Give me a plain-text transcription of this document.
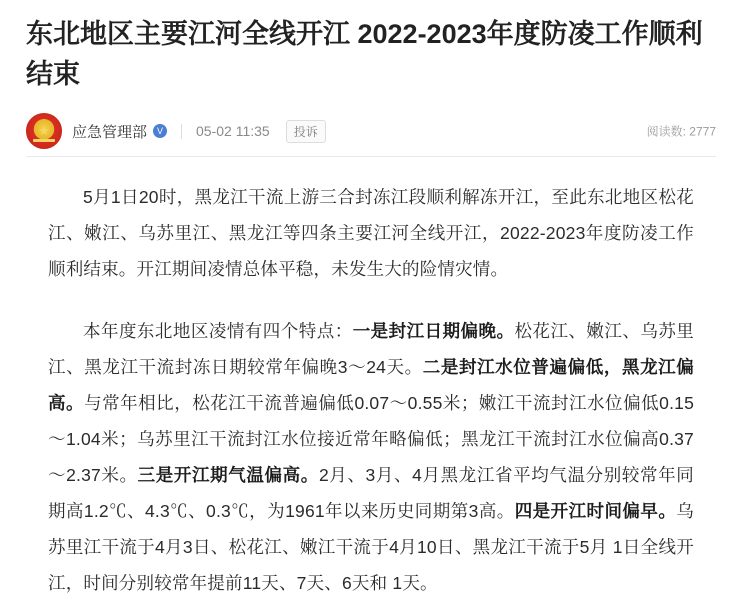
东北地区主要江河全线开江 2022-2023年度防凌工作顺利结束
★ 应急管理部	V 05-02 11:35	投诉	阅读数: 2777

5月1日20时，黑龙江干流上游三合封冻江段顺利解冻开江，至此东北地区松花江、嫩江、乌苏里江、黑龙江等四条主要江河全线开江，2022-2023年度防凌工作顺利结束。开江期间凌情总体平稳，未发生大的险情灾情。

本年度东北地区凌情有四个特点：一是封江日期偏晚。松花江、嫩江、乌苏里江、黑龙江干流封冻日期较常年偏晚3～24天。二是封江水位普遍偏低，黑龙江偏高。与常年相比，松花江干流普遍偏低0.07～0.55米；嫩江干流封江水位偏低0.15～1.04米；乌苏里江干流封江水位接近常年略偏低；黑龙江干流封江水位偏高0.37～2.37米。三是开江期气温偏高。2月、3月、4月黑龙江省平均气温分别较常年同期高1.2℃、4.3℃、0.3℃，为1961年以来历史同期第3高。四是开江时间偏早。乌苏里江干流于4月3日、松花江、嫩江干流于4月10日、黑龙江干流于5月 1日全线开江，时间分别较常年提前11天、7天、6天和 1天。
